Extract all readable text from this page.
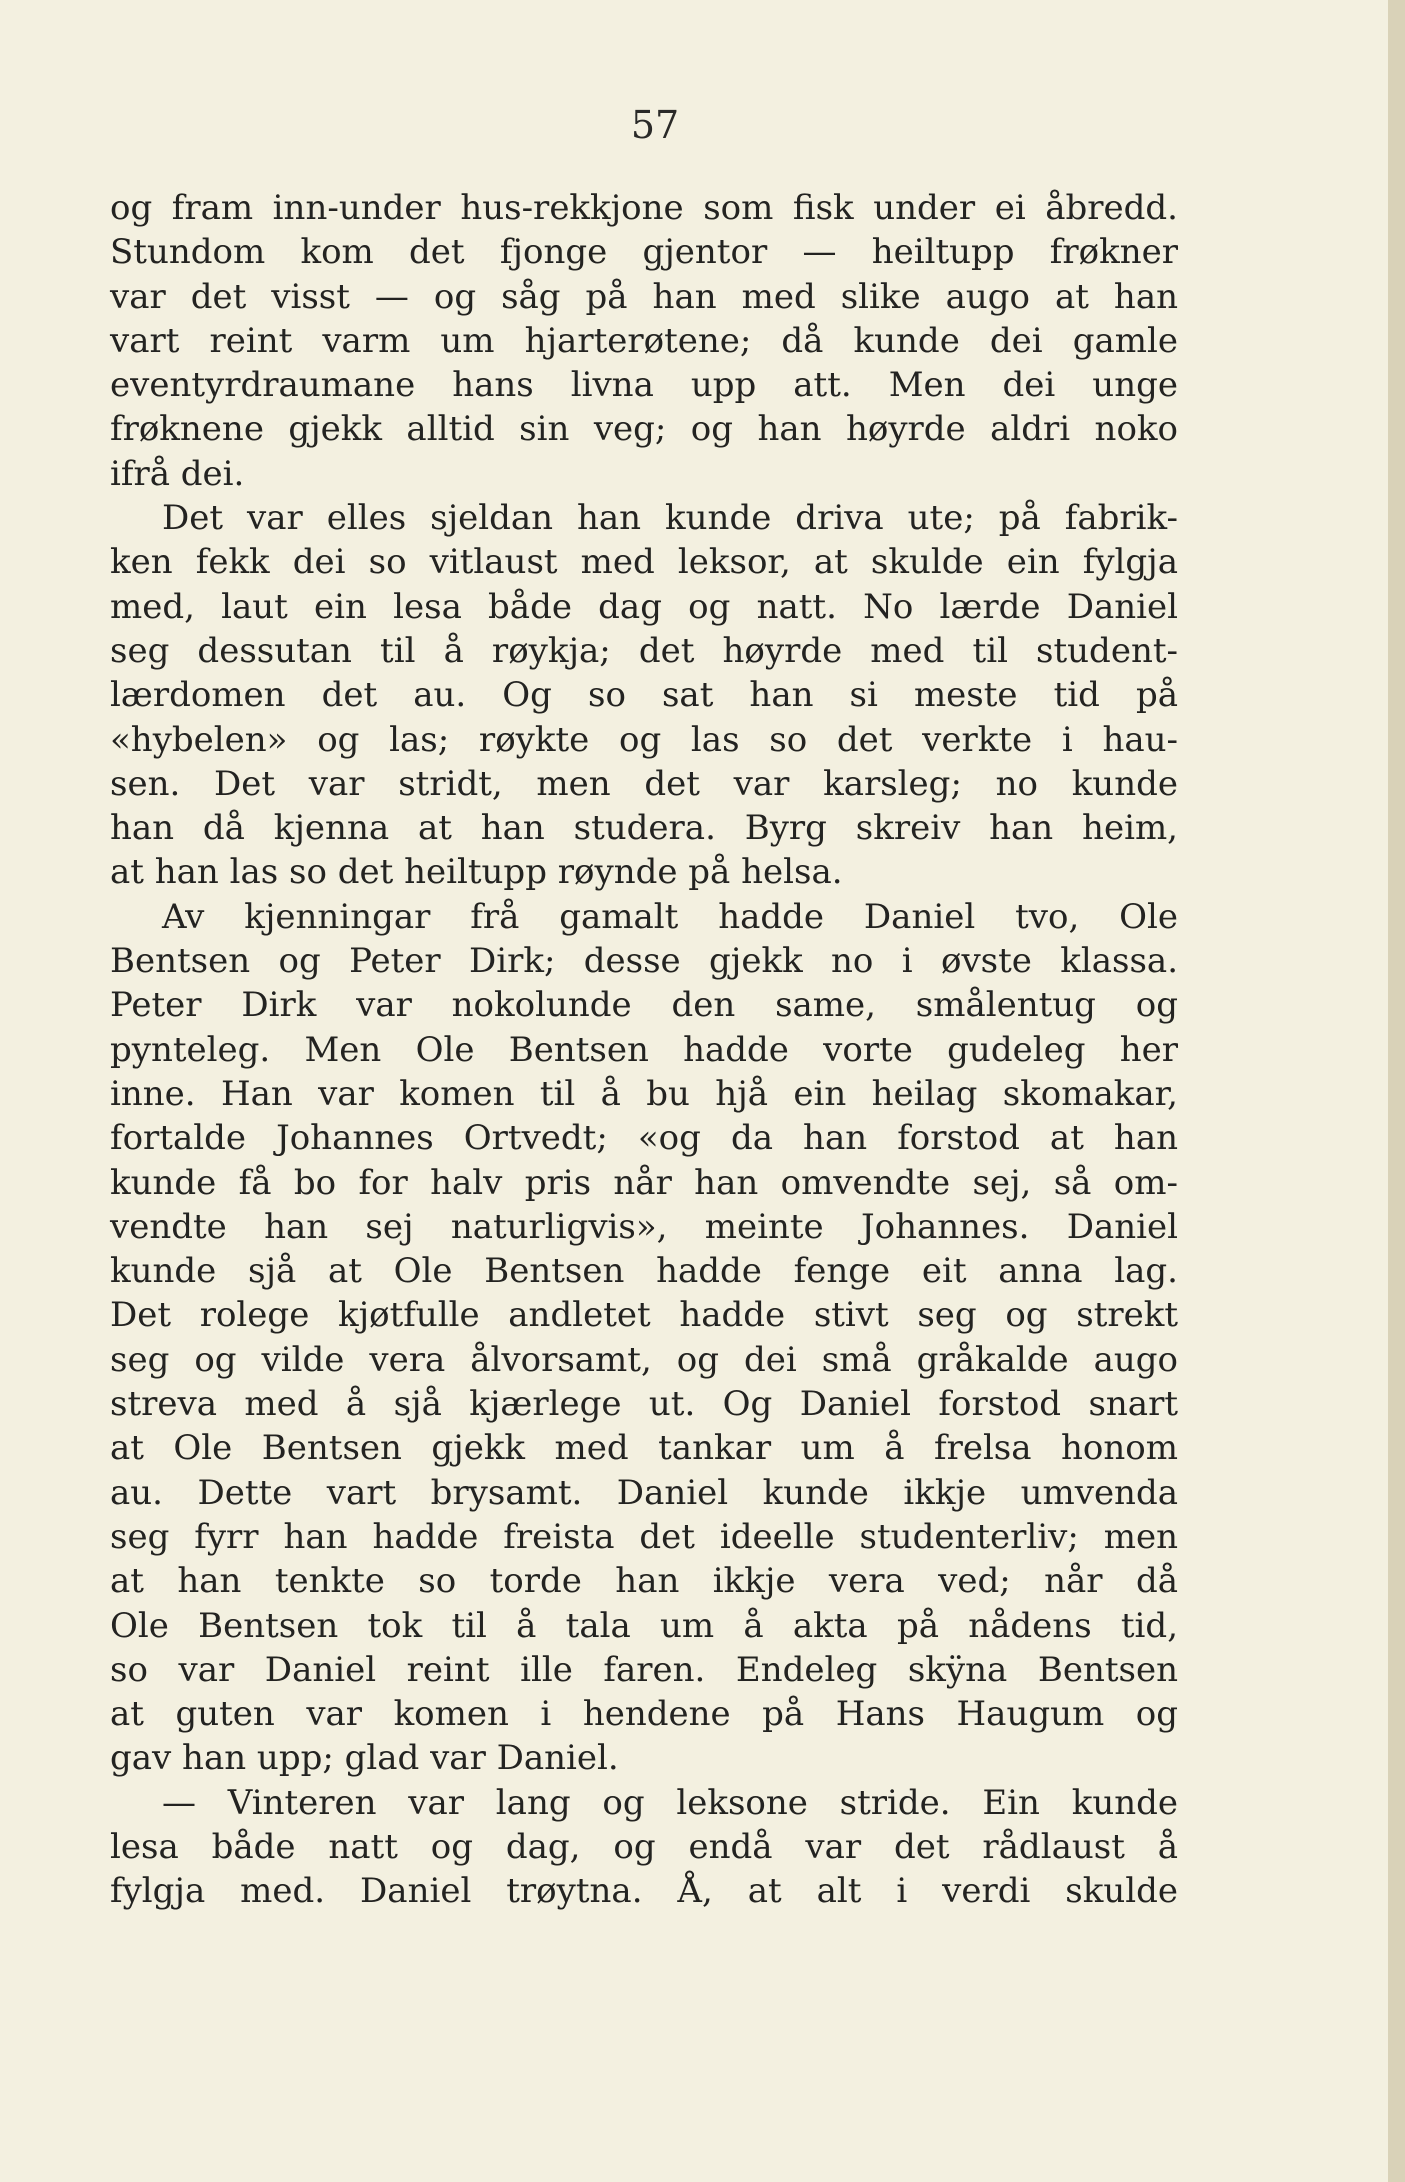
57
og fram inn-under hus-rekkjone som fisk under ei åbredd.
Stundom kom det fjonge gjentor — heiltupp frøkner
var det visst — og såg på han med slike augo at han
vart reint varm um hjarterøtene; då kunde dei gamle
eventyrdraumane hans livna upp att. Men dei unge
frøknene gjekk alltid sin veg; og han høyrde aldri noko
ifrå dei.
Det var elles sjeldan han kunde driva ute; på fabrik-
ken fekk dei so vitlaust med leksor, at skulde ein fylgja
med, laut ein lesa både dag og natt. No lærde Daniel
seg dessutan til å røykja; det høyrde med til student-
lærdomen det au. Og so sat han si meste tid på
«hybelen» og las; røykte og las so det verkte i hau-
sen. Det var stridt, men det var karsleg; no kunde
han då kjenna at han studera. Byrg skreiv han heim,
at han las so det heiltupp røynde på helsa.
Av kjenningar frå gamalt hadde Daniel tvo, Ole
Bentsen og Peter Dirk; desse gjekk no i øvste klassa.
Peter Dirk var nokolunde den same, smålentug og
pynteleg. Men Ole Bentsen hadde vorte gudeleg her
inne. Han var komen til å bu hjå ein heilag skomakar,
fortalde Johannes Ortvedt; «og da han forstod at han
kunde få bo for halv pris når han omvendte sej, så om-
vendte han sej naturligvis», meinte Johannes. Daniel
kunde sjå at Ole Bentsen hadde fenge eit anna lag.
Det rolege kjøtfulle andletet hadde stivt seg og strekt
seg og vilde vera ålvorsamt, og dei små gråkalde augo
streva med å sjå kjærlege ut. Og Daniel forstod snart
at Ole Bentsen gjekk med tankar um å frelsa honom
au. Dette vart brysamt. Daniel kunde ikkje umvenda
seg fyrr han hadde freista det ideelle studenterliv; men
at han tenkte so torde han ikkje vera ved; når då
Ole Bentsen tok til å tala um å akta på nådens tid,
so var Daniel reint ille faren. Endeleg skÿna Bentsen
at guten var komen i hendene på Hans Haugum og
gav han upp; glad var Daniel.
— Vinteren var lang og leksone stride. Ein kunde
lesa både natt og dag, og endå var det rådlaust å
fylgja med. Daniel trøytna. Å, at alt i verdi skulde
